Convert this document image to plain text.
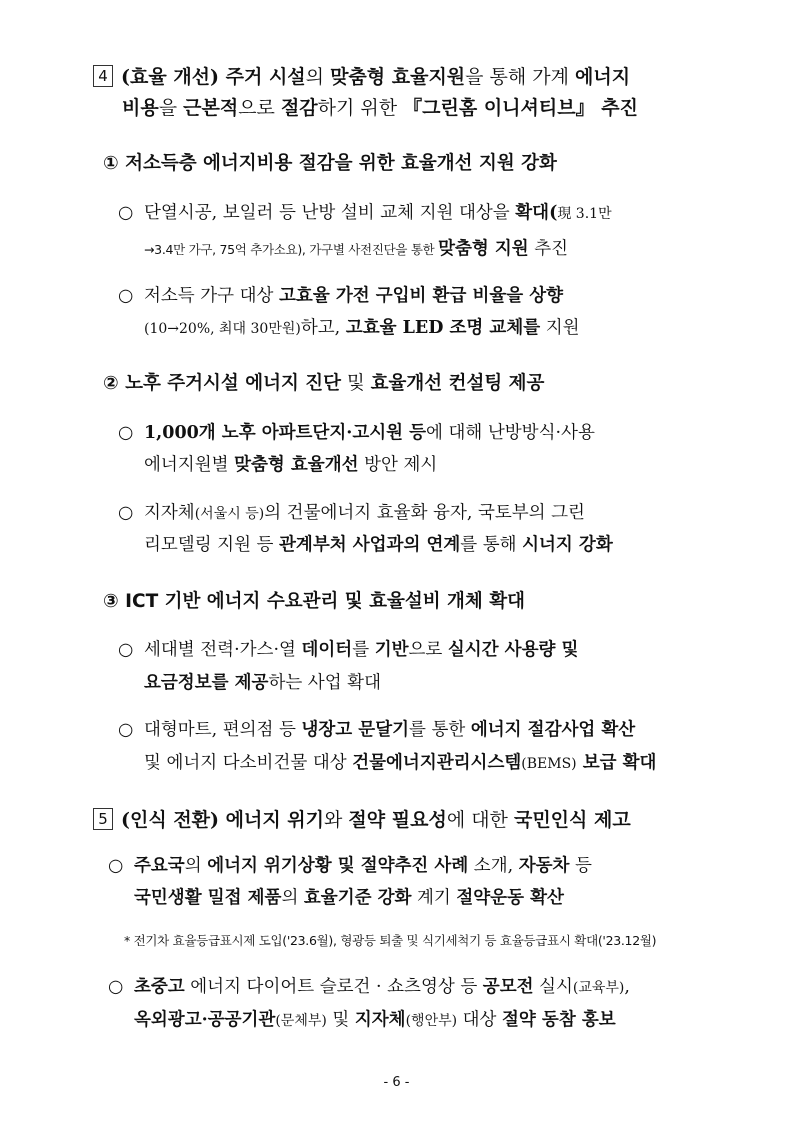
4 (효율 개선) 주거 시설의 맞춤형 효율지원을 통해 가계 에너지
비용을 근본적으로 절감하기 위한 『그린홈 이니셔티브』 추진
① 저소득층 에너지비용 절감을 위한 효율개선 지원 강화
○ 단열시공, 보일러 등 난방 설비 교체 지원 대상을 확대(現 3.1만
→3.4만 가구, 75억 추가소요), 가구별 사전진단을 통한 맞춤형 지원 추진
○ 저소득 가구 대상 고효율 가전 구입비 환급 비율을 상향
(10→20%, 최대 30만원)하고, 고효율 LED 조명 교체를 지원
② 노후 주거시설 에너지 진단 및 효율개선 컨설팅 제공
○ 1,000개 노후 아파트단지·고시원 등에 대해 난방방식·사용
에너지원별 맞춤형 효율개선 방안 제시
○ 지자체(서울시 등)의 건물에너지 효율화 융자, 국토부의 그린
리모델링 지원 등 관계부처 사업과의 연계를 통해 시너지 강화
③ ICT 기반 에너지 수요관리 및 효율설비 개체 확대
○ 세대별 전력·가스·열 데이터를 기반으로 실시간 사용량 및
요금정보를 제공하는 사업 확대
○ 대형마트, 편의점 등 냉장고 문달기를 통한 에너지 절감사업 확산
및 에너지 다소비건물 대상 건물에너지관리시스템(BEMS) 보급 확대
5 (인식 전환) 에너지 위기와 절약 필요성에 대한 국민인식 제고
○ 주요국의 에너지 위기상황 및 절약추진 사례 소개, 자동차 등
국민생활 밀접 제품의 효율기준 강화 계기 절약운동 확산
* 전기차 효율등급표시제 도입('23.6월), 형광등 퇴출 및 식기세척기 등 효율등급표시 확대('23.12월)
○ 초중고 에너지 다이어트 슬로건 · 쇼츠영상 등 공모전 실시(교육부),
옥외광고·공공기관(문체부) 및 지자체(행안부) 대상 절약 동참 홍보
- 6 -
